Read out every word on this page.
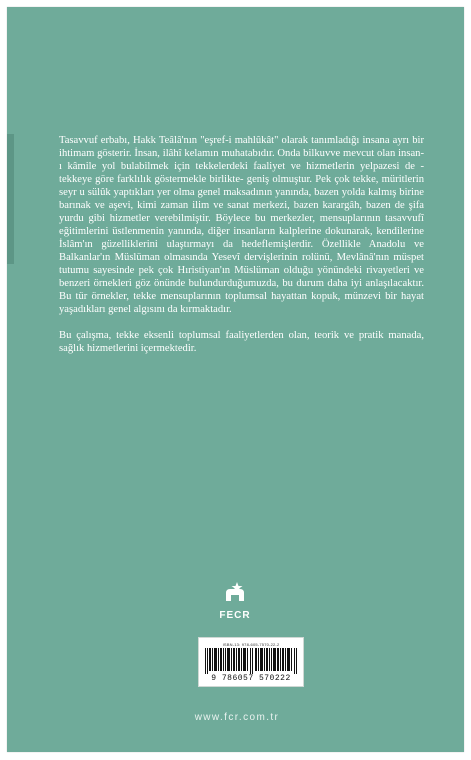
Tasavvuf erbabı, Hakk Teâlâ'nın "eşref-i mahlûkât" olarak tanımladığı insana ayrı bir ihtimam gösterir. İnsan, ilâhî kelamın muhatabıdır. Onda bilkuvve mevcut olan insan-ı kâmile yol bulabilmek için tekkelerdeki faaliyet ve hizmetlerin yelpazesi de -tekkeye göre farklılık göstermekle birlikte- geniş olmuştur. Pek çok tekke, müritlerin seyr u sülûk yaptıkları yer olma genel maksadının yanında, bazen yolda kalmış birine barınak ve aşevi, kimi zaman ilim ve sanat merkezi, bazen karargâh, bazen de şifa yurdu gibi hizmetler verebilmiştir. Böylece bu merkezler, mensuplarının tasavvufî eğitimlerini üstlenmenin yanında, diğer insanların kalplerine dokunarak, kendilerine İslâm'ın güzelliklerini ulaştırmayı da hedeflemişlerdir. Özellikle Anadolu ve Balkanlar'ın Müslüman olmasında Yesevî dervişlerinin rolünü, Mevlânâ'nın müspet tutumu sayesinde pek çok Hıristiyan'ın Müslüman olduğu yönündeki rivayetleri ve benzeri örnekleri göz önünde bulundurduğumuzda, bu durum daha iyi anlaşılacaktır. Bu tür örnekler, tekke mensuplarının toplumsal hayattan kopuk, münzevi bir hayat yaşadıkları genel algısını da kırmaktadır.

Bu çalışma, tekke eksenli toplumsal faaliyetlerden olan, teorik ve pratik manada, sağlık hizmetlerini içermektedir.

FECR
ISBN-13: 978-605-7570-22-2
9 786057 570222
www.fcr.com.tr
